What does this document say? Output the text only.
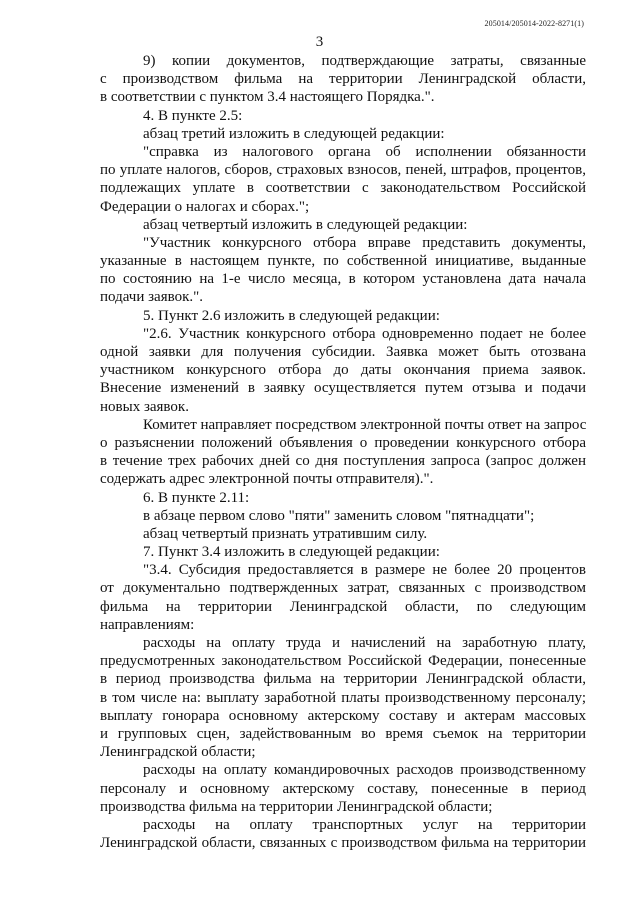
205014/205014-2022-8271(1)
3
9) копии документов, подтверждающие затраты, связанные
с производством фильма на территории Ленинградской области,
в соответствии с пунктом 3.4 настоящего Порядка.".
4. В пункте 2.5:
абзац третий изложить в следующей редакции:
"справка из налогового органа об исполнении обязанности
по уплате налогов, сборов, страховых взносов, пеней, штрафов, процентов,
подлежащих уплате в соответствии с законодательством Российской
Федерации о налогах и сборах.";
абзац четвертый изложить в следующей редакции:
"Участник конкурсного отбора вправе представить документы,
указанные в настоящем пункте, по собственной инициативе, выданные
по состоянию на 1-е число месяца, в котором установлена дата начала
подачи заявок.".
5. Пункт 2.6 изложить в следующей редакции:
"2.6. Участник конкурсного отбора одновременно подает не более
одной заявки для получения субсидии. Заявка может быть отозвана
участником конкурсного отбора до даты окончания приема заявок.
Внесение изменений в заявку осуществляется путем отзыва и подачи
новых заявок.
Комитет направляет посредством электронной почты ответ на запрос
о разъяснении положений объявления о проведении конкурсного отбора
в течение трех рабочих дней со дня поступления запроса (запрос должен
содержать адрес электронной почты отправителя).".
6. В пункте 2.11:
в абзаце первом слово "пяти" заменить словом "пятнадцати";
абзац четвертый признать утратившим силу.
7. Пункт 3.4 изложить в следующей редакции:
"3.4. Субсидия предоставляется в размере не более 20 процентов
от документально подтвержденных затрат, связанных с производством
фильма на территории Ленинградской области, по следующим
направлениям:
расходы на оплату труда и начислений на заработную плату,
предусмотренных законодательством Российской Федерации, понесенные
в период производства фильма на территории Ленинградской области,
в том числе на: выплату заработной платы производственному персоналу;
выплату гонорара основному актерскому составу и актерам массовых
и групповых сцен, задействованным во время съемок на территории
Ленинградской области;
расходы на оплату командировочных расходов производственному
персоналу и основному актерскому составу, понесенные в период
производства фильма на территории Ленинградской области;
расходы на оплату транспортных услуг на территории
Ленинградской области, связанных с производством фильма на территории
